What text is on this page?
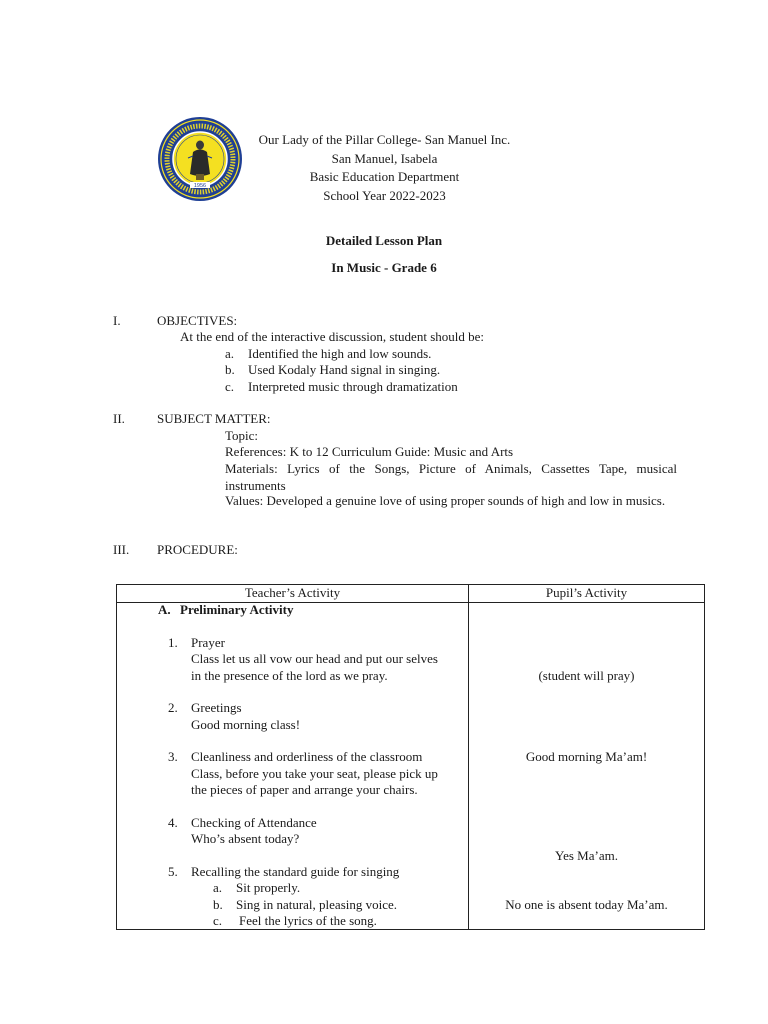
1956
Our Lady of the Pillar College- San Manuel Inc.
San Manuel, Isabela
Basic Education Department
School Year 2022-2023
Detailed Lesson Plan
In Music - Grade 6
I.	OBJECTIVES:
At the end of the interactive discussion, student should be:
a. Identified the high and low sounds.
b. Used Kodaly Hand signal in singing.
c. Interpreted music through dramatization
II. SUBJECT MATTER:
Topic:
References: K to 12 Curriculum Guide: Music and Arts
Materials: Lyrics of the Songs, Picture of Animals, Cassettes Tape, musical instruments
Values: Developed a genuine love of using proper sounds of high and low in musics.
III. PROCEDURE:
Teacher’s Activity	Pupil’s Activity
A. Preliminary Activity
1. Prayer
Class let us all vow our head and put our selves
in the presence of the lord as we pray.
2. Greetings
Good morning class!
3. Cleanliness and orderliness of the classroom
Class, before you take your seat, please pick up
the pieces of paper and arrange your chairs.
4. Checking of Attendance
Who’s absent today?
5. Recalling the standard guide for singing
a. Sit properly.
b. Sing in natural, pleasing voice.
c. Feel the lyrics of the song.
(student will pray)
Good morning Ma’am!
Yes Ma’am.
No one is absent today Ma’am.
